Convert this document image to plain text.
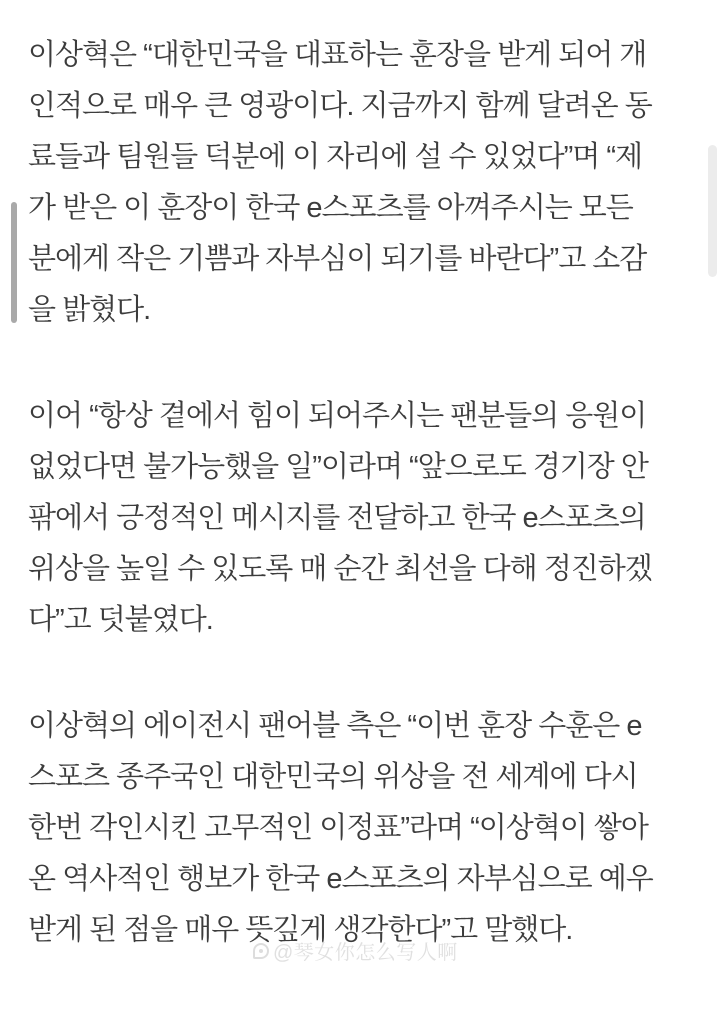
이상혁은 “대한민국을 대표하는 훈장을 받게 되어 개
인적으로 매우 큰 영광이다. 지금까지 함께 달려온 동
료들과 팀원들 덕분에 이 자리에 설 수 있었다”며 “제
가 받은 이 훈장이 한국 e스포츠를 아껴주시는 모든
분에게 작은 기쁨과 자부심이 되기를 바란다”고 소감
을 밝혔다.
이어 “항상 곁에서 힘이 되어주시는 팬분들의 응원이
없었다면 불가능했을 일”이라며 “앞으로도 경기장 안
팎에서 긍정적인 메시지를 전달하고 한국 e스포츠의
위상을 높일 수 있도록 매 순간 최선을 다해 정진하겠
다”고 덧붙였다.
이상혁의 에이전시 팬어블 측은 “이번 훈장 수훈은 e
스포츠 종주국인 대한민국의 위상을 전 세계에 다시
한번 각인시킨 고무적인 이정표”라며 “이상혁이 쌓아
온 역사적인 행보가 한국 e스포츠의 자부심으로 예우
받게 된 점을 매우 뜻깊게 생각한다”고 말했다.
@琴女你怎么写人啊
